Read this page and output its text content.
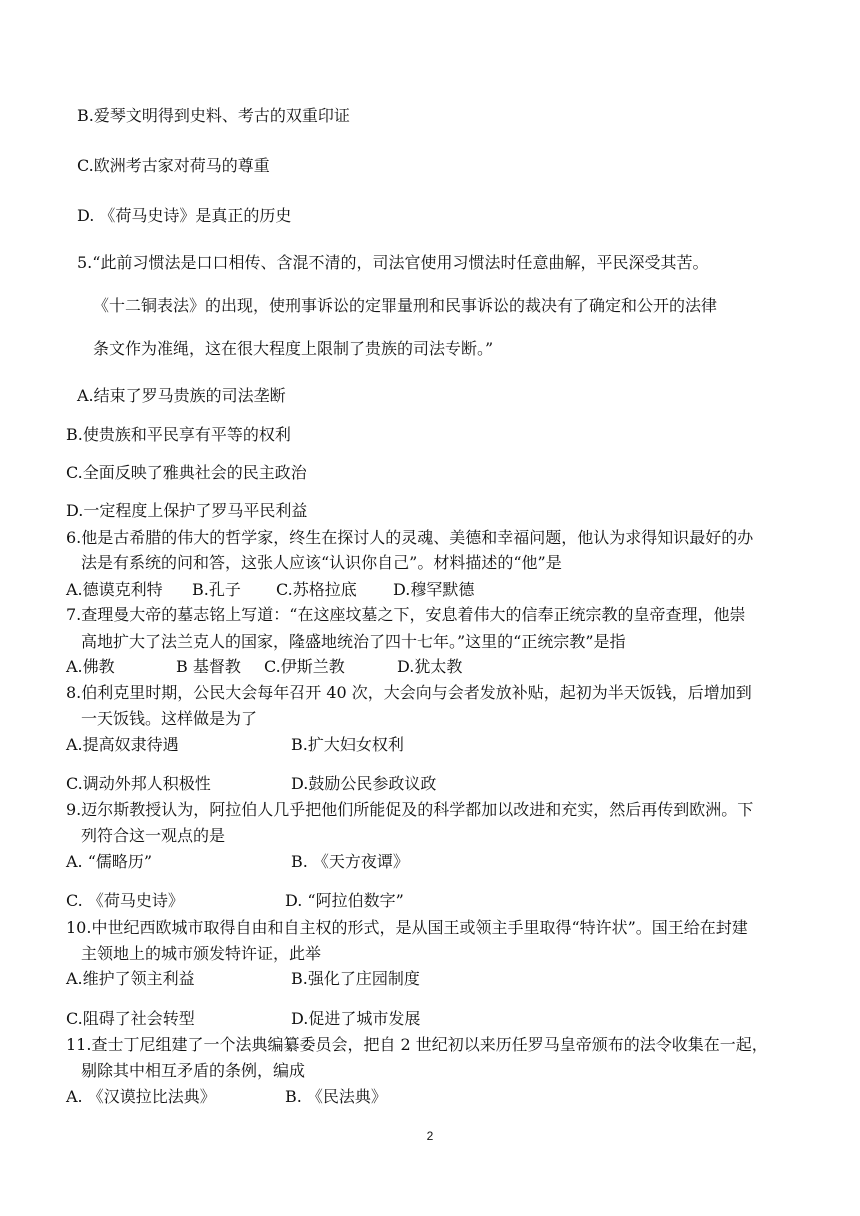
B.爱琴文明得到史料、考古的双重印证
C.欧洲考古家对荷马的尊重
D. 《荷马史诗》是真正的历史
5.“此前习惯法是口口相传、含混不清的，司法官使用习惯法时任意曲解，平民深受其苦。
《十二铜表法》的出现，使刑事诉讼的定罪量刑和民事诉讼的裁决有了确定和公开的法律
条文作为准绳，这在很大程度上限制了贵族的司法专断。”
A.结束了罗马贵族的司法垄断
B.使贵族和平民享有平等的权利
C.全面反映了雅典社会的民主政治
D.一定程度上保护了罗马平民利益
6.他是古希腊的伟大的哲学家，终生在探讨人的灵魂、美德和幸福问题，他认为求得知识最好的办
法是有系统的问和答，这张人应该“认识你自己”。材料描述的“他”是
A.德谟克利特 B.孔子 C.苏格拉底 D.穆罕默德
7.查理曼大帝的墓志铭上写道：“在这座坟墓之下，安息着伟大的信奉正统宗教的皇帝查理，他崇
高地扩大了法兰克人的国家，隆盛地统治了四十七年。”这里的“正统宗教”是指
A.佛教	B 基督教 C.伊斯兰教	D.犹太教
8.伯利克里时期，公民大会每年召开 40 次，大会向与会者发放补贴，起初为半天饭钱，后增加到
一天饭钱。这样做是为了
A.提高奴隶待遇	B.扩大妇女权利
C.调动外邦人积极性	D.鼓励公民参政议政
9.迈尔斯教授认为，阿拉伯人几乎把他们所能促及的科学都加以改进和充实，然后再传到欧洲。下
列符合这一观点的是
A. “儒略历”	B. 《天方夜谭》
C. 《荷马史诗》	D. “阿拉伯数字”
10.中世纪西欧城市取得自由和自主权的形式，是从国王或领主手里取得“特许状”。国王给在封建
主领地上的城市颁发特许证，此举
A.维护了领主利益	B.强化了庄园制度
C.阻碍了社会转型	D.促进了城市发展
11.查士丁尼组建了一个法典编纂委员会，把自 2 世纪初以来历任罗马皇帝颁布的法令收集在一起，
剔除其中相互矛盾的条例，编成
A. 《汉谟拉比法典》	B. 《民法典》
2
